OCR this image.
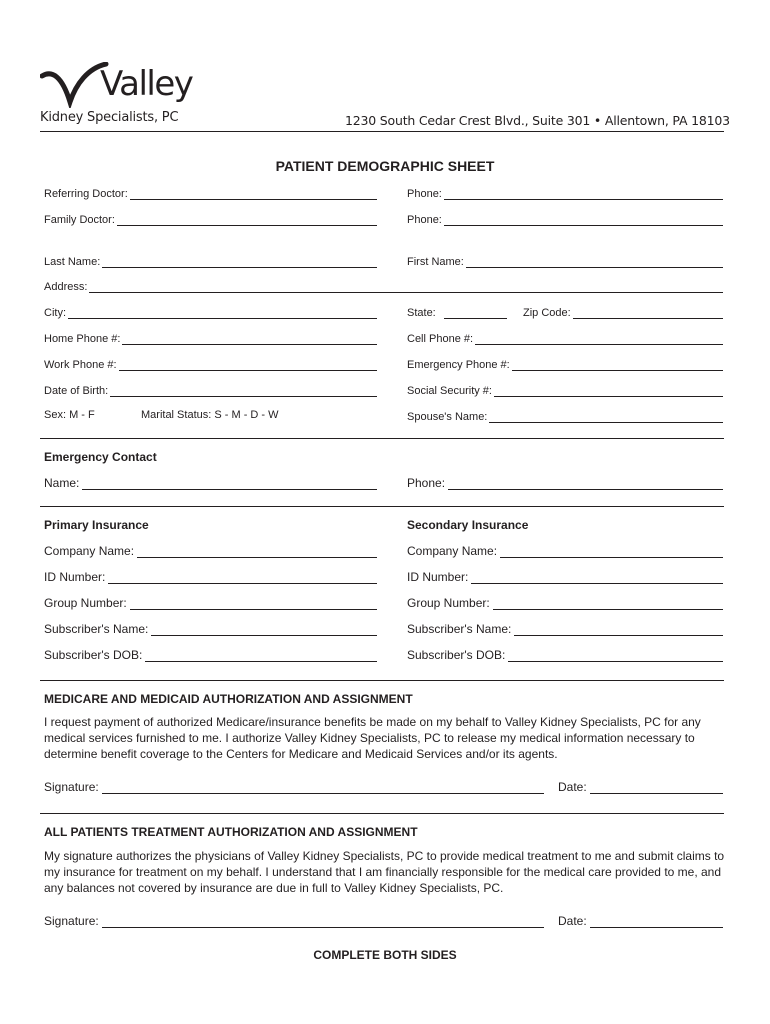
Valley
Kidney Specialists, PC	1230 South Cedar Crest Blvd., Suite 301 • Allentown, PA 18103
PATIENT DEMOGRAPHIC SHEET
Referring Doctor:	Phone:
Family Doctor:	Phone:
Last Name:	First Name:
Address:
City:	State:	Zip Code:
Home Phone #:	Cell Phone #:
Work Phone #:	Emergency Phone #:
Date of Birth:	Social Security #:
Sex: M - F	Marital Status: S - M - D - W	Spouse's Name:
Emergency Contact
Name:	Phone:
Primary Insurance	Secondary Insurance
Company Name:	Company Name:
ID Number:	ID Number:
Group Number:	Group Number:
Subscriber's Name:	Subscriber's Name:
Subscriber's DOB:	Subscriber's DOB:
MEDICARE AND MEDICAID AUTHORIZATION AND ASSIGNMENT
I request payment of authorized Medicare/insurance benefits be made on my behalf to Valley Kidney Specialists, PC for any medical services furnished to me. I authorize Valley Kidney Specialists, PC to release my medical information necessary to determine benefit coverage to the Centers for Medicare and Medicaid Services and/or its agents.
Signature:	Date:
ALL PATIENTS TREATMENT AUTHORIZATION AND ASSIGNMENT
My signature authorizes the physicians of Valley Kidney Specialists, PC to provide medical treatment to me and submit claims to my insurance for treatment on my behalf. I understand that I am financially responsible for the medical care provided to me, and any balances not covered by insurance are due in full to Valley Kidney Specialists, PC.
Signature:	Date:
COMPLETE BOTH SIDES
